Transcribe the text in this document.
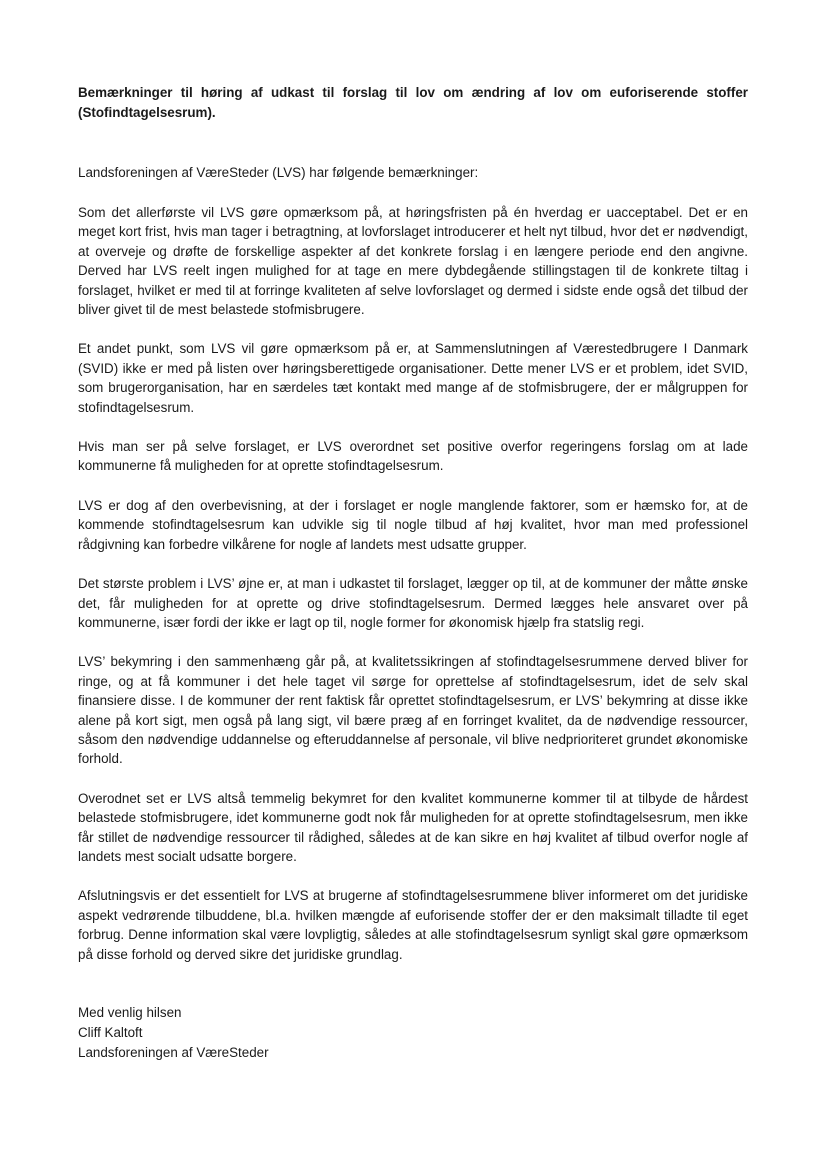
Bemærkninger til høring af udkast til forslag til lov om ændring af lov om euforiserende stoffer (Stofindtagelsesrum).
Landsforeningen af VæreSteder (LVS) har følgende bemærkninger:
Som det allerførste vil LVS gøre opmærksom på, at høringsfristen på én hverdag er uacceptabel. Det er en meget kort frist, hvis man tager i betragtning, at lovforslaget introducerer et helt nyt tilbud, hvor det er nødvendigt, at overveje og drøfte de forskellige aspekter af det konkrete forslag i en længere periode end den angivne. Derved har LVS reelt ingen mulighed for at tage en mere dybdegående stillingstagen til de konkrete tiltag i forslaget, hvilket er med til at forringe kvaliteten af selve lovforslaget og dermed i sidste ende også det tilbud der bliver givet til de mest belastede stofmisbrugere.
Et andet punkt, som LVS vil gøre opmærksom på er, at Sammenslutningen af Værestedbrugere I Danmark (SVID) ikke er med på listen over høringsberettigede organisationer. Dette mener LVS er et problem, idet SVID, som brugerorganisation, har en særdeles tæt kontakt med mange af de stofmisbrugere, der er målgruppen for stofindtagelsesrum.
Hvis man ser på selve forslaget, er LVS overordnet set positive overfor regeringens forslag om at lade kommunerne få muligheden for at oprette stofindtagelsesrum.
LVS er dog af den overbevisning, at der i forslaget er nogle manglende faktorer, som er hæmsko for, at de kommende stofindtagelsesrum kan udvikle sig til nogle tilbud af høj kvalitet, hvor man med professionel rådgivning kan forbedre vilkårene for nogle af landets mest udsatte grupper.
Det største problem i LVS’ øjne er, at man i udkastet til forslaget, lægger op til, at de kommuner der måtte ønske det, får muligheden for at oprette og drive stofindtagelsesrum. Dermed lægges hele ansvaret over på kommunerne, især fordi der ikke er lagt op til, nogle former for økonomisk hjælp fra statslig regi.
LVS’ bekymring i den sammenhæng går på, at kvalitetssikringen af stofindtagelsesrummene derved bliver for ringe, og at få kommuner i det hele taget vil sørge for oprettelse af stofindtagelsesrum, idet de selv skal finansiere disse. I de kommuner der rent faktisk får oprettet stofindtagelsesrum, er LVS’ bekymring at disse ikke alene på kort sigt, men også på lang sigt, vil bære præg af en forringet kvalitet, da de nødvendige ressourcer, såsom den nødvendige uddannelse og efteruddannelse af personale, vil blive nedprioriteret grundet økonomiske forhold.
Overodnet set er LVS altså temmelig bekymret for den kvalitet kommunerne kommer til at tilbyde de hårdest belastede stofmisbrugere, idet kommunerne godt nok får muligheden for at oprette stofindtagelsesrum, men ikke får stillet de nødvendige ressourcer til rådighed, således at de kan sikre en høj kvalitet af tilbud overfor nogle af landets mest socialt udsatte borgere.
Afslutningsvis er det essentielt for LVS at brugerne af stofindtagelsesrummene bliver informeret om det juridiske aspekt vedrørende tilbuddene, bl.a. hvilken mængde af euforisende stoffer der er den maksimalt tilladte til eget forbrug. Denne information skal være lovpligtig, således at alle stofindtagelsesrum synligt skal gøre opmærksom på disse forhold og derved sikre det juridiske grundlag.
Med venlig hilsen
Cliff Kaltoft
Landsforeningen af VæreSteder
